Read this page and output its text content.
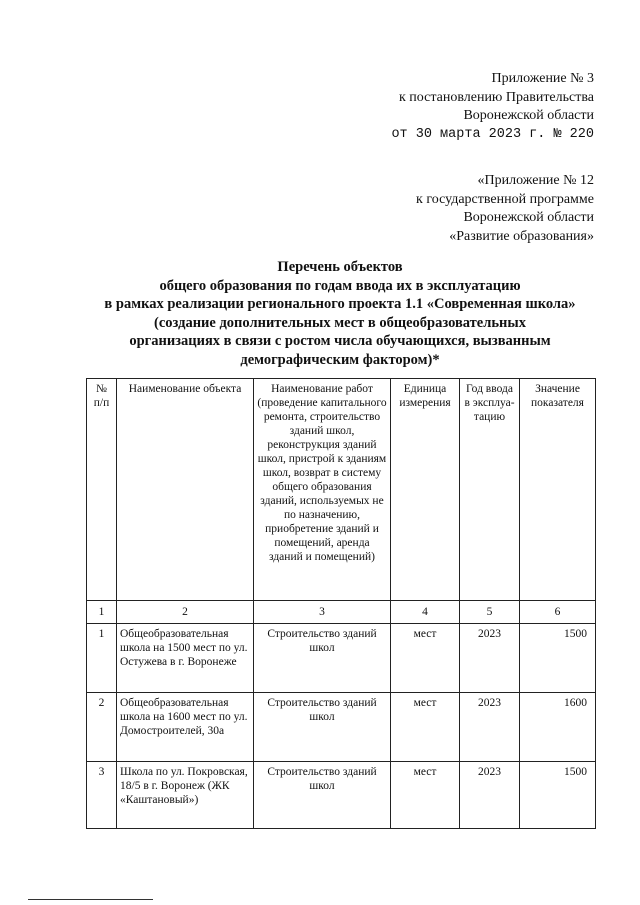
Приложение № 3
к постановлению Правительства
Воронежской области
от 30 марта 2023 г. № 220
«Приложение № 12
к государственной программе
Воронежской области
«Развитие образования»
Перечень объектов
общего образования по годам ввода их в эксплуатацию
в рамках реализации регионального проекта 1.1 «Современная школа»
(создание дополнительных мест в общеобразовательных
организациях в связи с ростом числа обучающихся, вызванным
демографическим фактором)*
№ п/п	Наименование объекта	Наименование работ (проведение капитального ремонта, строительство зданий школ, реконструкция зданий школ, пристрой к зданиям школ, возврат в систему общего образования зданий, используемых не по назначению, приобретение зданий и помещений, аренда зданий и помещений)	Единица измерения	Год ввода в эксплуа-тацию	Значение показателя
1	2	3	4	5	6
1	Общеобразовательная школа на 1500 мест по ул. Остужева в г. Воронеже	Строительство зданий школ	мест	2023	1500
2	Общеобразовательная школа на 1600 мест по ул. Домостроителей, 30а	Строительство зданий школ	мест	2023	1600
3	Школа по ул. Покровская, 18/5 в г. Воронеж (ЖК «Каштановый»)	Строительство зданий школ	мест	2023	1500
